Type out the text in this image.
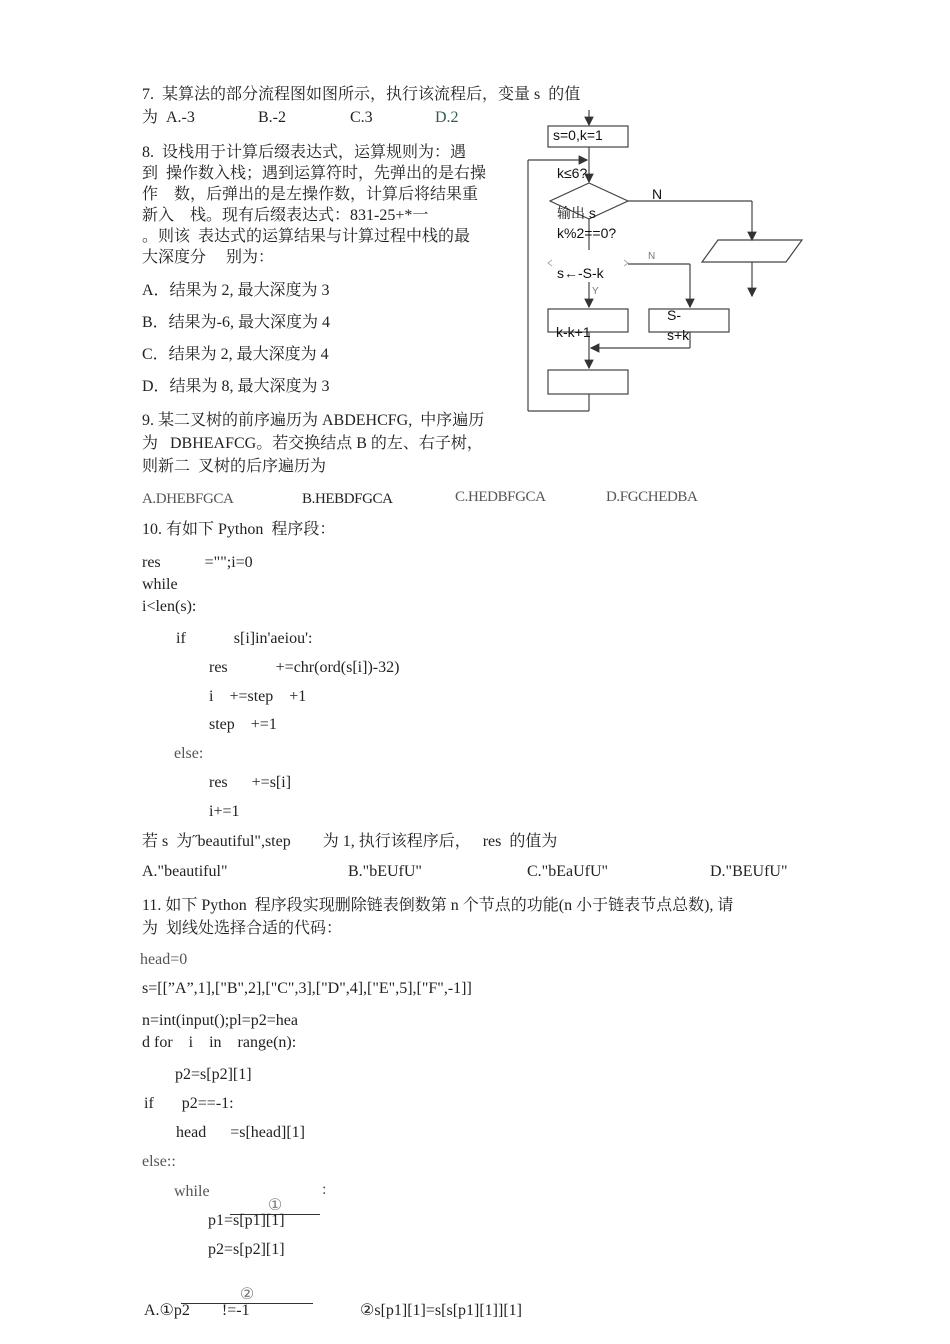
7.  某算法的部分流程图如图所示，执行该流程后，变量 s  的值
为  A.-3	B.-2	C.3	D.2
8.  设栈用于计算后缀表达式，运算规则为：遇
到  操作数入栈；遇到运算符时，先弹出的是右操
作    数，后弹出的是左操作数，计算后将结果重
新入    栈。现有后缀表达式：831-25+*一
。则该  表达式的运算结果与计算过程中栈的最
大深度分     别为：
A．结果为 2, 最大深度为 3
B．结果为-6, 最大深度为 4
C．结果为 2, 最大深度为 4
D．结果为 8, 最大深度为 3
s=0,k=1
k≤6?
N
输出 s
k%2==0?
N
s←-S-k
Y
S-
s+k
k-k+1
9. 某二叉树的前序遍历为 ABDEHCFG,  中序遍历
为   DBHEAFCG。若交换结点 B 的左、右子树，
则新二  叉树的后序遍历为
A.DHEBFGCA	B.HEBDFGCA	C.HEDBFGCA	D.FGCHEDBA
10. 有如下 Python  程序段：
res           ="";i=0
while
i<len(s):
if            s[i]in'aeiou':
res            +=chr(ord(s[i])-32)
i    +=step    +1
step    +=1
else:
res      +=s[i]
i+=1
若 s  为˝beautiful",step        为 1, 执行该程序后，   res  的值为
A."beautiful"	B."bEUfU"	C."bEaUfU"	D."BEUfU"
11. 如下 Python  程序段实现删除链表倒数第 n 个节点的功能(n 小于链表节点总数), 请
为  划线处选择合适的代码：
head=0
s=[[”A”,1],["B",2],["C",3],["D",4],["E",5],["F",-1]]
n=int(input();pl=p2=hea
d for    i    in    range(n):
p2=s[p2][1]
if       p2==-1:
head      =s[head][1]
else::
while

①

:
p1=s[p1][1]
p2=s[p2][1]

②

A.①p2        !=-1	②s[p1][1]=s[s[p1][1]][1]
